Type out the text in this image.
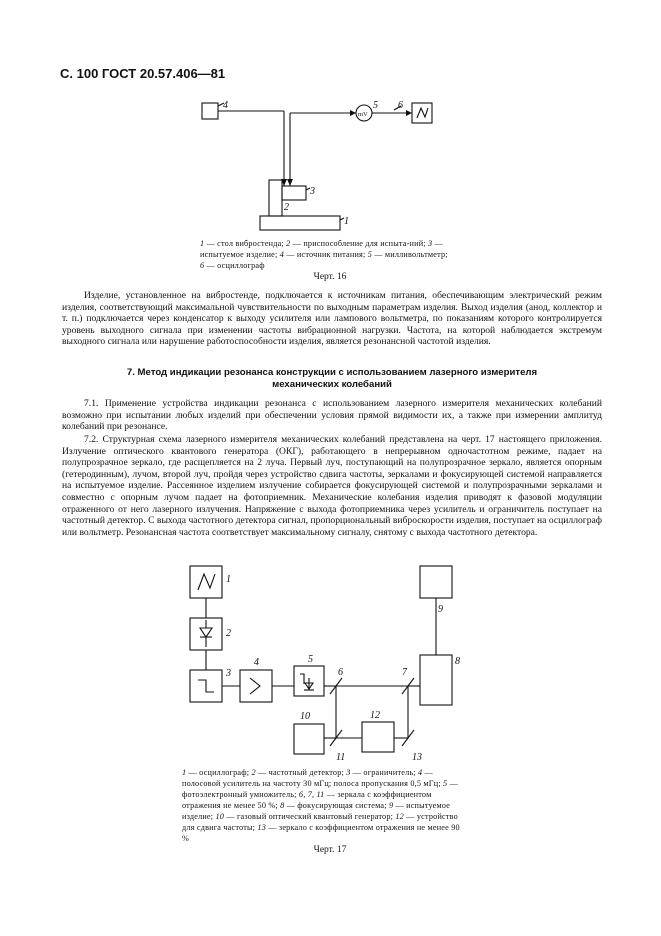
С. 100 ГОСТ 20.57.406—81
4	5 6
mV
3
2
1
1 — стол вибростенда; 2 — приспособление для испыта-ний; 3 — испытуемое изделие; 4 — источник питания; 5 — милливольтметр; 6 — осциллограф
Черт. 16
Изделие, установленное на вибростенде, подключается к источникам питания, обеспечивающим электрический режим изделия, соответствующий максимальной чувствительности по выходным параметрам изделия. Выход изделия (анод, коллектор и т. п.) подключается через конденсатор к выходу усилителя или лампового вольтметра, по показаниям которого контролируется уровень выходного сигнала при изменении частоты вибрационной нагрузки. Частота, на которой наблюдается экстремум выходного сигнала или нарушение работоспособности изделия, является резонансной частотой изделия.
7. Метод индикации резонанса конструкции с использованием лазерного измерителя
механических колебаний
7.1. Применение устройства индикации резонанса с использованием лазерного измерителя механических колебаний возможно при испытании любых изделий при обеспечении условия прямой видимости их, а также при измерении амплитуд колебаний при резонансе.
7.2. Структурная схема лазерного измерителя механических колебаний представлена на черт. 17 настоящего приложения. Излучение оптического квантового генератора (ОКГ), работающего в непрерывном одночастотном режиме, падает на полупрозрачное зеркало, где расщепляется на 2 луча. Первый луч, поступающий на полупрозрачное зеркало, является опорным (гетеродинным), лучом, второй луч, пройдя через устройство сдвига частоты, зеркалами и фокусирующей системой направляется на испытуемое изделие. Рассеянное изделием излучение собирается фокусирующей системой и полупрозрачными зеркалами и совместно с опорным лучом падает на фотоприемник. Механические колебания изделия приводят к фазовой модуляции отраженного от него лазерного излучения. Напряжение с выхода фотоприемника через усилитель и ограничитель поступает на частотный детектор. С выхода частотного детектора сигнал, пропорциональный виброскорости изделия, поступает на осциллограф или вольтметр. Резонансная частота соответствует максимальному сигналу, снятому с выхода частотного детектора.
1
2
3
4	5
6	7
8
9
10
11
12
13
1 — осциллограф; 2 — частотный детектор; 3 — ограничитель; 4 — полосовой усилитель на частоту 30 мГц; полоса пропускания 0,5 мГц; 5 — фотоэлектронный умножитель; 6, 7, 11 — зеркала с коэффициентом отражения не менее 50 %; 8 — фокусирующая система; 9 — испытуемое изделие; 10 — газовый оптический квантовый генератор; 12 — устройство для сдвига частоты; 13 — зеркало с коэффициентом отражения не менее 90 %
Черт. 17
